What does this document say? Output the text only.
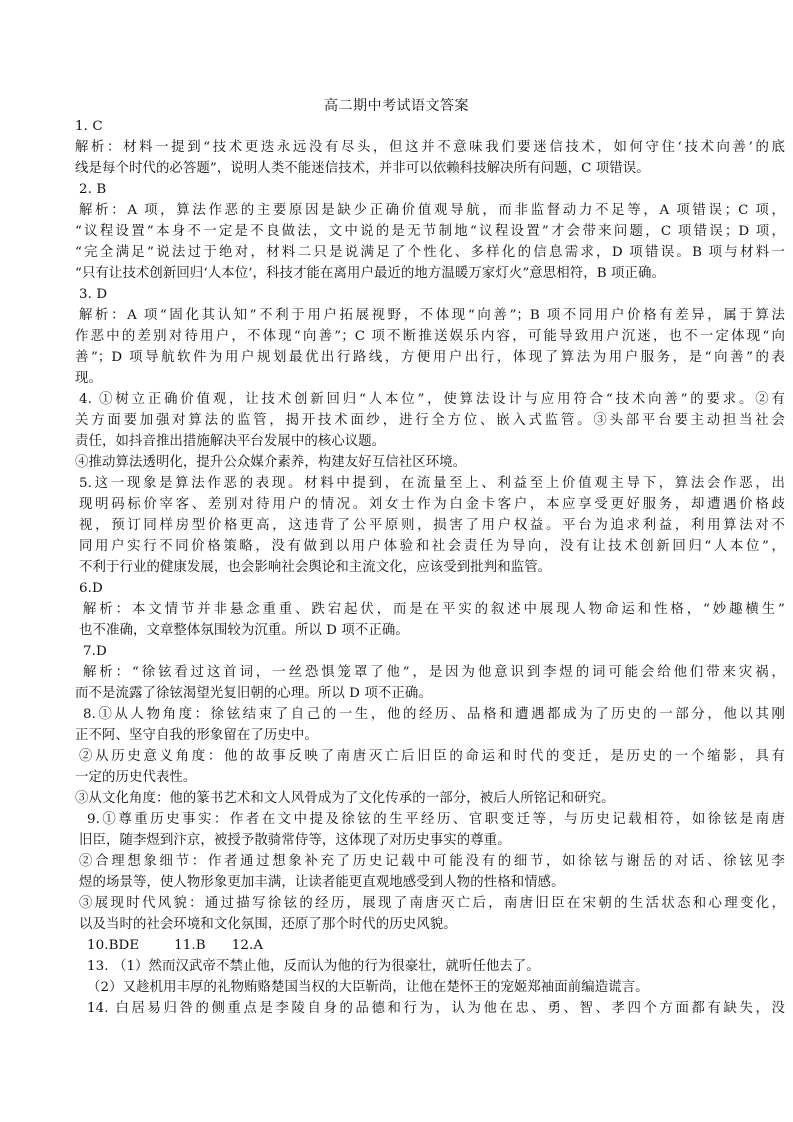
高二期中考试语文答案
1. C
解析：材料一提到“技术更迭永远没有尽头，但这并不意味我们要迷信技术，如何守住‘技术向善’的底
线是每个时代的必答题”，说明人类不能迷信技术，并非可以依赖科技解决所有问题，C 项错误。
2. B
解析：A 项，算法作恶的主要原因是缺少正确价值观导航，而非监督动力不足等，A 项错误；C 项，
“议程设置”本身不一定是不良做法，文中说的是无节制地“议程设置”才会带来问题，C 项错误；D 项，
“完全满足”说法过于绝对，材料二只是说满足了个性化、多样化的信息需求，D 项错误。B 项与材料一
“只有让技术创新回归‘人本位’，科技才能在离用户最近的地方温暖万家灯火”意思相符，B 项正确。
3. D
解析：A 项“固化其认知”不利于用户拓展视野，不体现“向善”；B 项不同用户价格有差异，属于算法
作恶中的差别对待用户，不体现“向善”；C 项不断推送娱乐内容，可能导致用户沉迷，也不一定体现“向
善”；D 项导航软件为用户规划最优出行路线，方便用户出行，体现了算法为用户服务，是“向善”的表
现。
4. ①树立正确价值观，让技术创新回归“人本位”，使算法设计与应用符合“技术向善”的要求。②有
关方面要加强对算法的监管，揭开技术面纱，进行全方位、嵌入式监管。③头部平台要主动担当社会
责任，如抖音推出措施解决平台发展中的核心议题。
④推动算法透明化，提升公众媒介素养，构建友好互信社区环境。
5.这一现象是算法作恶的表现。材料中提到，在流量至上、利益至上价值观主导下，算法会作恶，出
现明码标价宰客、差别对待用户的情况。刘女士作为白金卡客户，本应享受更好服务，却遭遇价格歧
视，预订同样房型价格更高，这违背了公平原则，损害了用户权益。平台为追求利益，利用算法对不
同用户实行不同价格策略，没有做到以用户体验和社会责任为导向，没有让技术创新回归“人本位”，
不利于行业的健康发展，也会影响社会舆论和主流文化，应该受到批判和监管。
6.D
解析：本文情节并非悬念重重、跌宕起伏，而是在平实的叙述中展现人物命运和性格，“妙趣横生”
也不准确，文章整体氛围较为沉重。所以 D 项不正确。
7.D
解析：“徐铉看过这首词，一丝恐惧笼罩了他”，是因为他意识到李煜的词可能会给他们带来灾祸，
而不是流露了徐铉渴望光复旧朝的心理。所以 D 项不正确。
8.①从人物角度：徐铉结束了自己的一生，他的经历、品格和遭遇都成为了历史的一部分，他以其刚
正不阿、坚守自我的形象留在了历史中。
②从历史意义角度：他的故事反映了南唐灭亡后旧臣的命运和时代的变迁，是历史的一个缩影，具有
一定的历史代表性。
③从文化角度：他的篆书艺术和文人风骨成为了文化传承的一部分，被后人所铭记和研究。
9.①尊重历史事实：作者在文中提及徐铉的生平经历、官职变迁等，与历史记载相符，如徐铉是南唐
旧臣，随李煜到汴京，被授予散骑常侍等，这体现了对历史事实的尊重。
②合理想象细节：作者通过想象补充了历史记载中可能没有的细节，如徐铉与谢岳的对话、徐铉见李
煜的场景等，使人物形象更加丰满，让读者能更直观地感受到人物的性格和情感。
③展现时代风貌：通过描写徐铉的经历，展现了南唐灭亡后，南唐旧臣在宋朝的生活状态和心理变化，
以及当时的社会环境和文化氛围，还原了那个时代的历史风貌。
10.BDE        11.B      12.A
13. （1）然而汉武帝不禁止他，反而认为他的行为很豪壮，就听任他去了。
（2）又趁机用丰厚的礼物贿赂楚国当权的大臣靳尚，让他在楚怀王的宠姬郑袖面前编造谎言。
14. 白居易归咎的侧重点是李陵自身的品德和行为，认为他在忠、勇、智、孝四个方面都有缺失，没
